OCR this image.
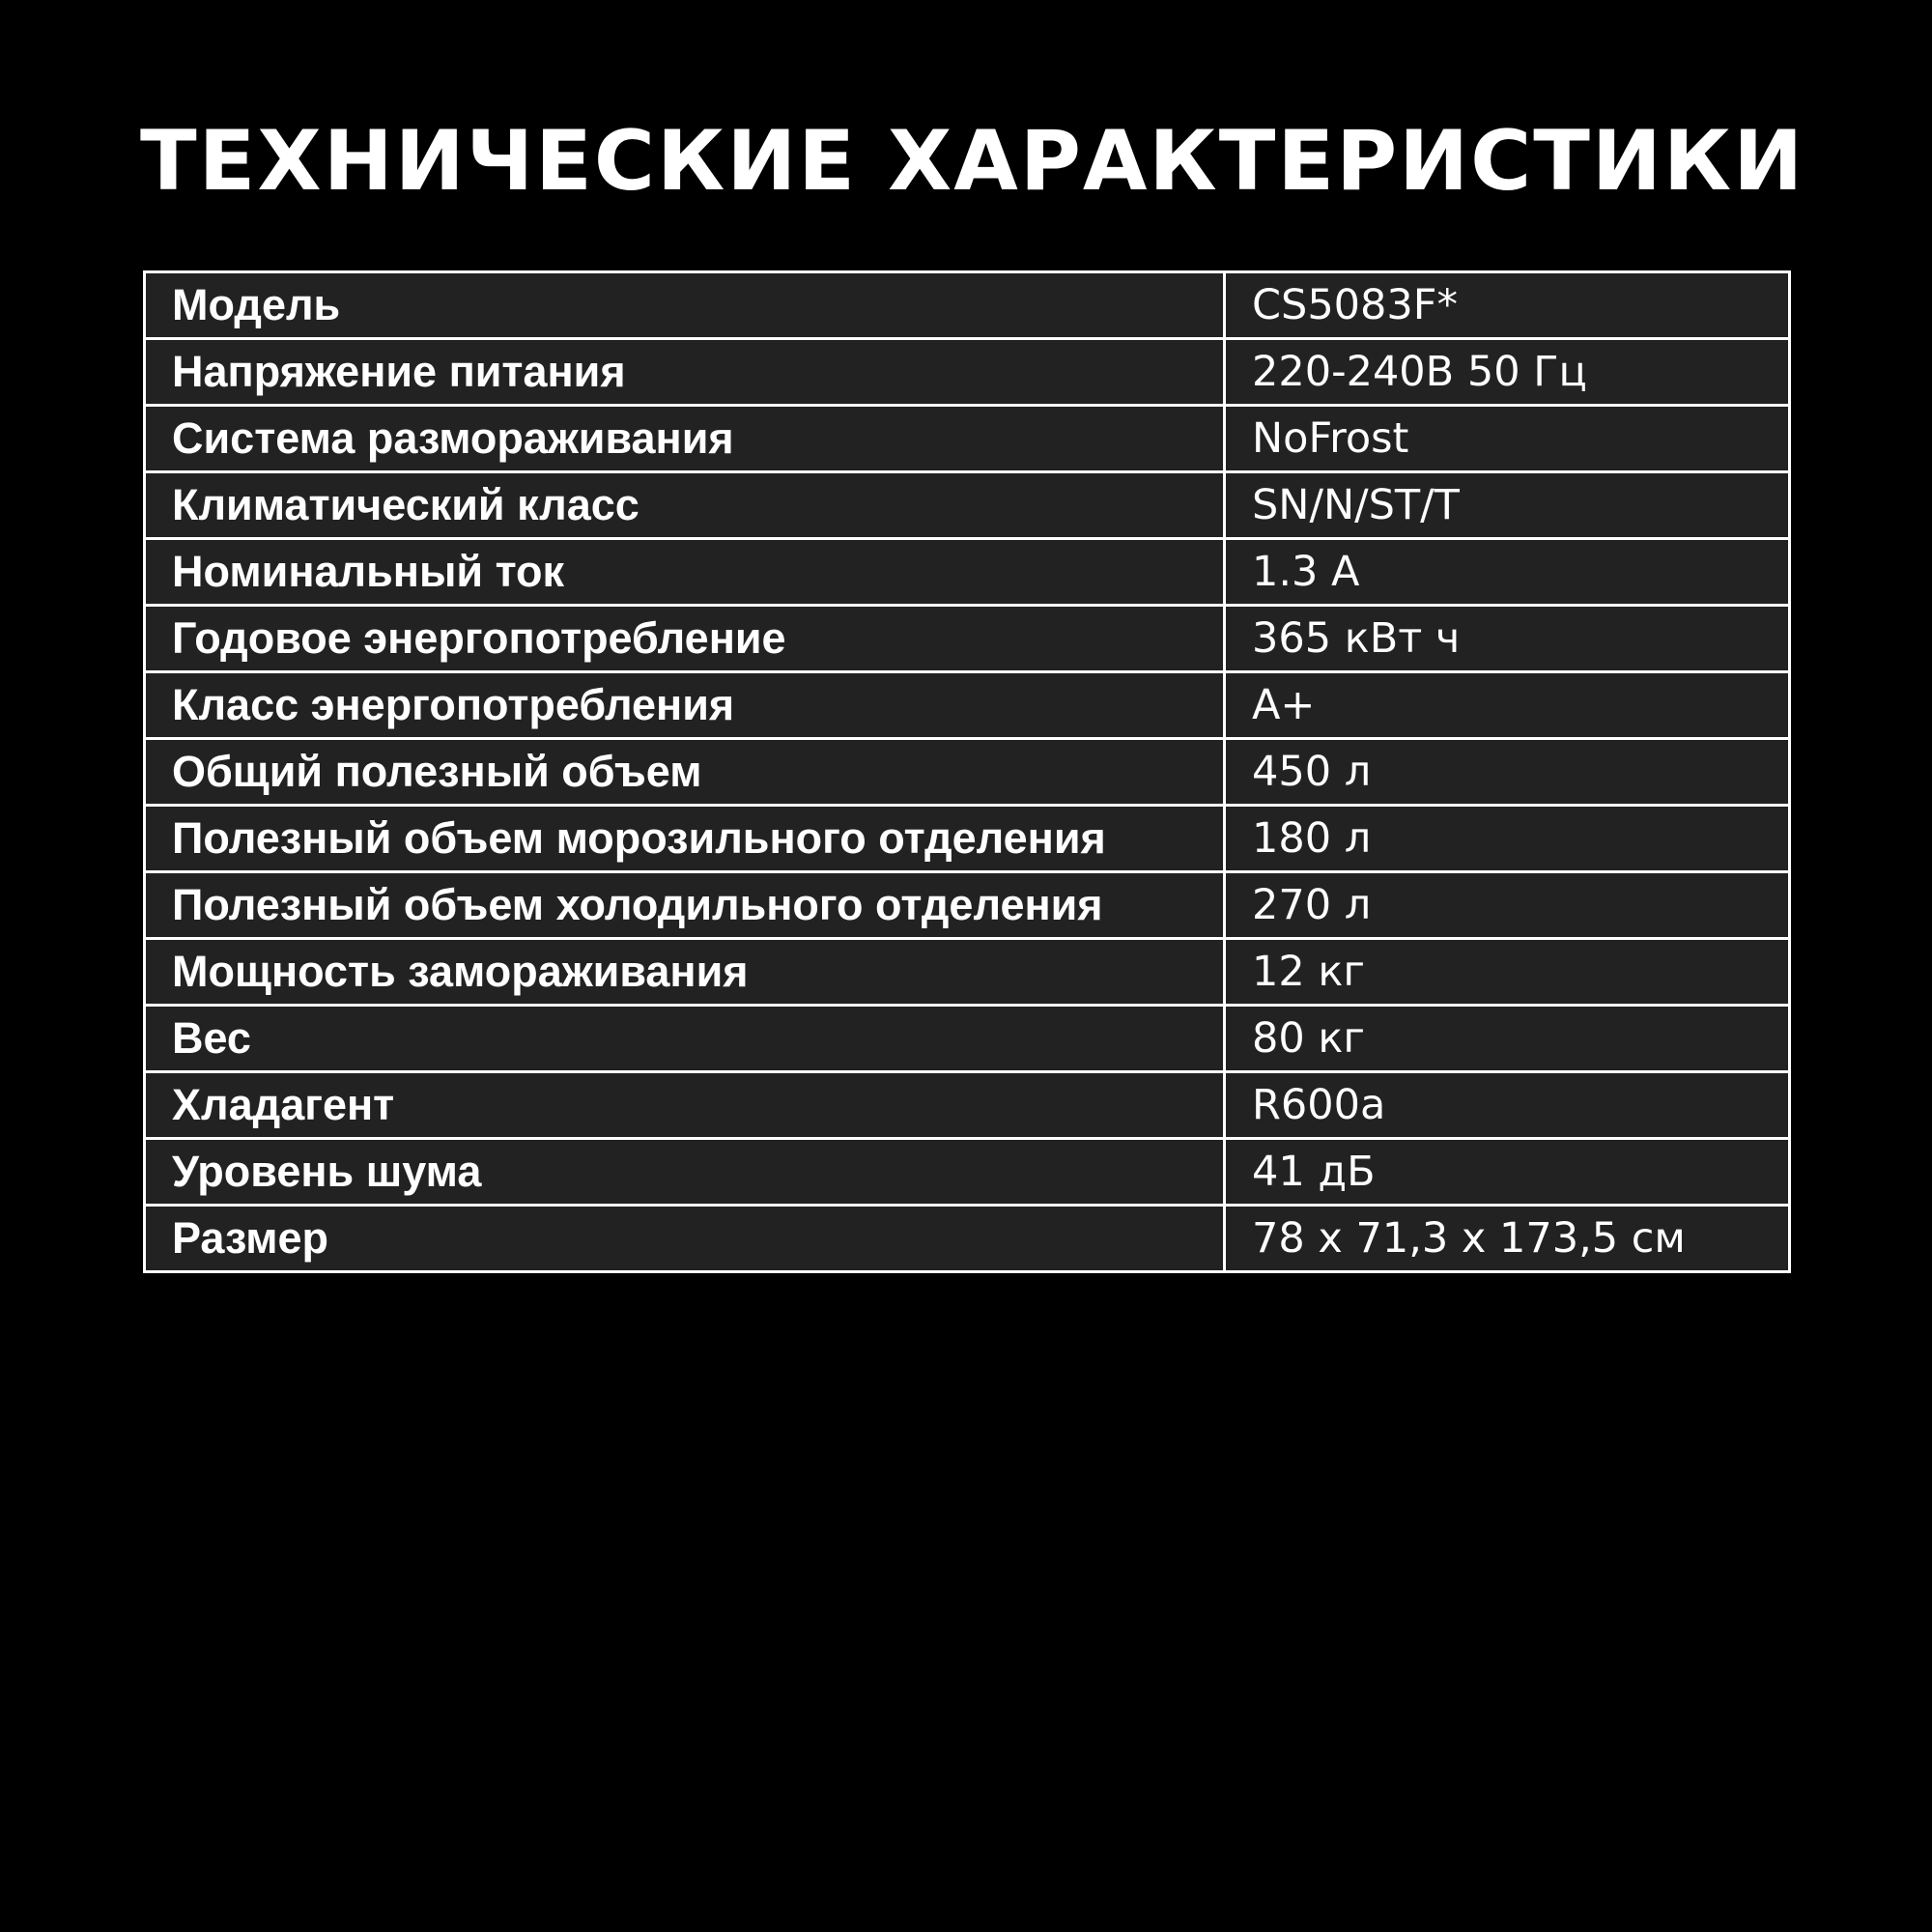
ТЕХНИЧЕСКИЕ ХАРАКТЕРИСТИКИ
Модель	CS5083F*
Напряжение питания	220-240В 50 Гц
Система размораживания	NoFrost
Климатический класс	SN/N/ST/T
Номинальный ток	1.3 А
Годовое энергопотребление	365 кВт ч
Класс энергопотребления	А+
Общий полезный объем	450 л
Полезный объем морозильного отделения	180 л
Полезный объем холодильного отделения	270 л
Мощность замораживания	12 кг
Вес	80 кг
Хладагент	R600a
Уровень шума	41 дБ
Размер	78 x 71,3 x 173,5 см
